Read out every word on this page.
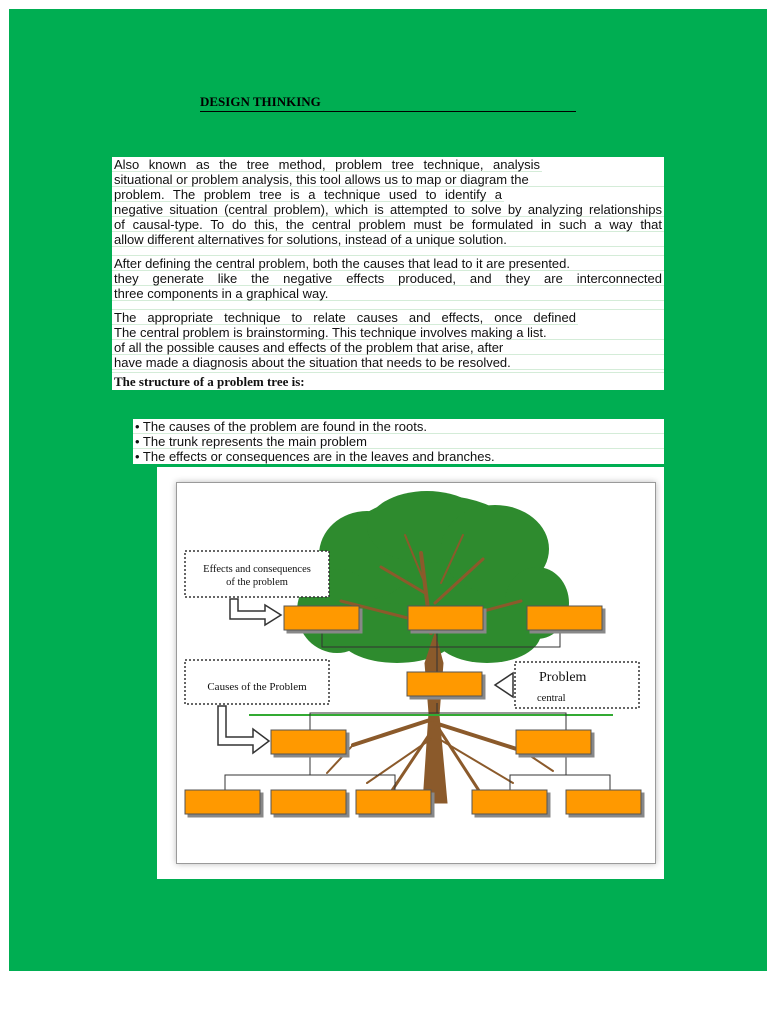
DESIGN THINKING
Also known as the tree method, problem tree technique, analysis
situational or problem analysis, this tool allows us to map or diagram the
problem. The problem tree is a technique used to identify a
negative situation (central problem), which is attempted to solve by analyzing relationships
of causal-type. To do this, the central problem must be formulated in such a way that
allow different alternatives for solutions, instead of a unique solution.
After defining the central problem, both the causes that lead to it are presented.
they generate like the negative effects produced, and they are interconnected
three components in a graphical way.
The appropriate technique to relate causes and effects, once defined
The central problem is brainstorming. This technique involves making a list.
of all the possible causes and effects of the problem that arise, after
have made a diagnosis about the situation that needs to be resolved.
The structure of a problem tree is:
• The causes of the problem are found in the roots.
• The trunk represents the main problem
• The effects or consequences are in the leaves and branches.
Effects and consequences
of the problem
Causes of the Problem
Problem
central
